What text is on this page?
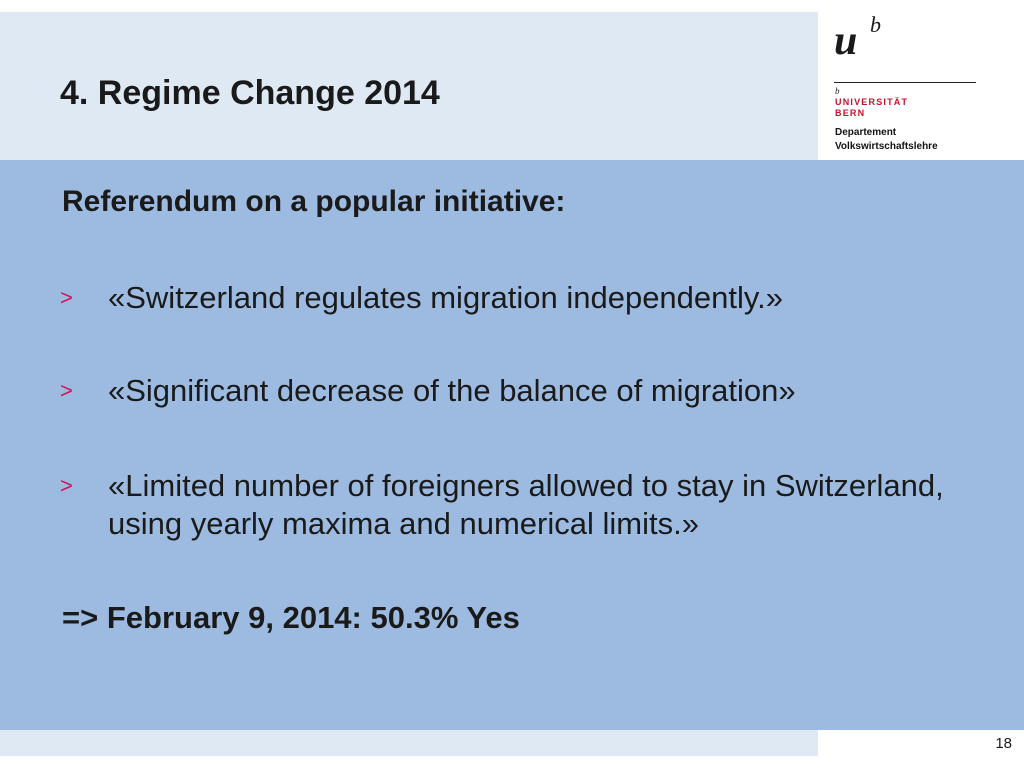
4. Regime Change 2014
u b
b
UNIVERSITÄT
BERN
Departement
Volkswirtschaftslehre
Referendum on a popular initiative:
> «Switzerland regulates migration independently.»
> «Significant decrease of the balance of migration»
> «Limited number of foreigners allowed to stay in Switzerland, using yearly maxima and numerical limits.»
=> February 9, 2014: 50.3% Yes
18
